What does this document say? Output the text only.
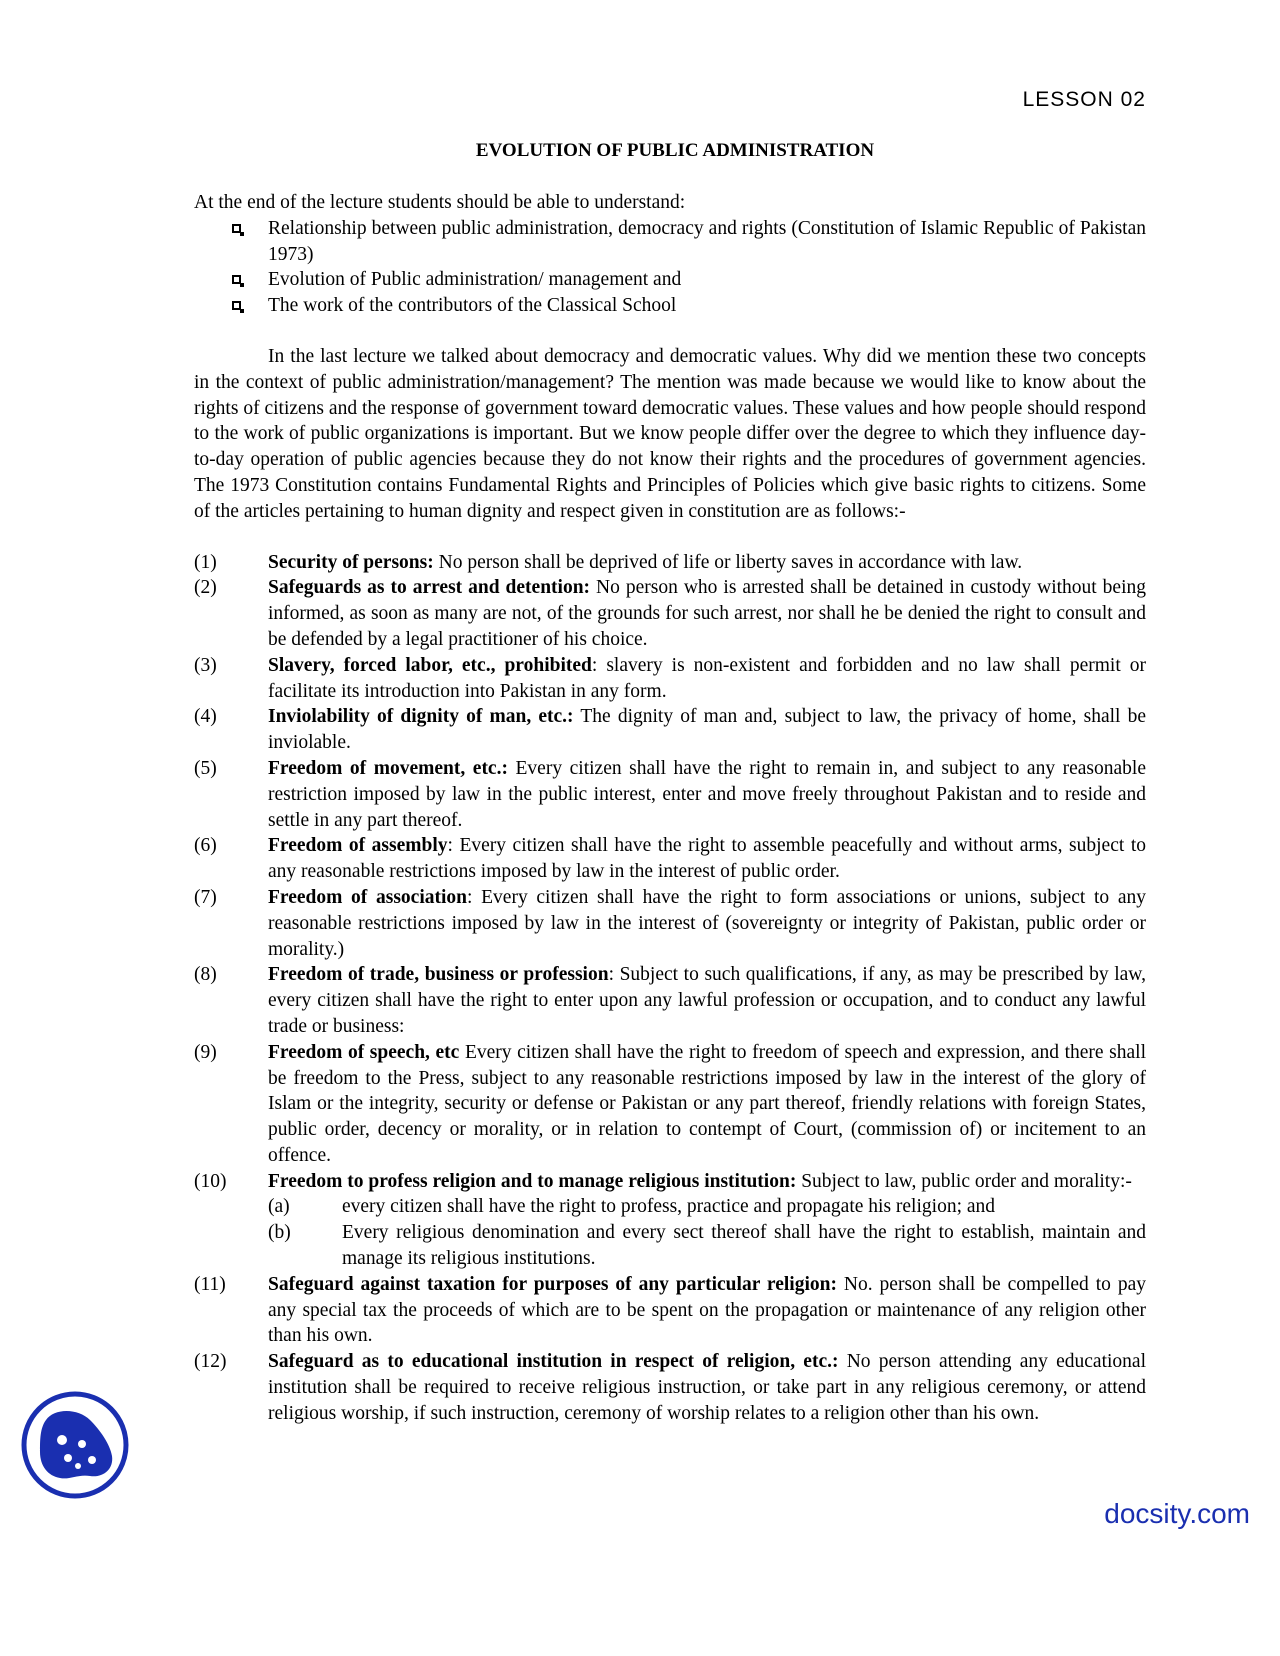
LESSON 02
EVOLUTION OF PUBLIC ADMINISTRATION

At the end of the lecture students should be able to understand:

Relationship between public administration, democracy and rights (Constitution of Islamic Republic of Pakistan 1973)
Evolution of Public administration/ management and
The work of the contributors of the Classical School

In the last lecture we talked about democracy and democratic values. Why did we mention these two concepts in the context of public administration/management? The mention was made because we would like to know about the rights of citizens and the response of government toward democratic values. These values and how people should respond to the work of public organizations is important. But we know people differ over the degree to which they influence day-to-day operation of public agencies because they do not know their rights and the procedures of government agencies. The 1973 Constitution contains Fundamental Rights and Principles of Policies which give basic rights to citizens. Some of the articles pertaining to human dignity and respect given in constitution are as follows:-

(1)	Security of persons: No person shall be deprived of life or liberty saves in accordance with law.
(2)	Safeguards as to arrest and detention: No person who is arrested shall be detained in custody without being informed, as soon as many are not, of the grounds for such arrest, nor shall he be denied the right to consult and be defended by a legal practitioner of his choice.
(3)	Slavery, forced labor, etc., prohibited: slavery is non-existent and forbidden and no law shall permit or facilitate its introduction into Pakistan in any form.
(4)	Inviolability of dignity of man, etc.: The dignity of man and, subject to law, the privacy of home, shall be inviolable.
(5)	Freedom of movement, etc.: Every citizen shall have the right to remain in, and subject to any reasonable restriction imposed by law in the public interest, enter and move freely throughout Pakistan and to reside and settle in any part thereof.
(6)	Freedom of assembly: Every citizen shall have the right to assemble peacefully and without arms, subject to any reasonable restrictions imposed by law in the interest of public order.
(7)	Freedom of association: Every citizen shall have the right to form associations or unions, subject to any reasonable restrictions imposed by law in the interest of (sovereignty or integrity of Pakistan, public order or morality.)
(8)	Freedom of trade, business or profession: Subject to such qualifications, if any, as may be prescribed by law, every citizen shall have the right to enter upon any lawful profession or occupation, and to conduct any lawful trade or business:
(9)	Freedom of speech, etc Every citizen shall have the right to freedom of speech and expression, and there shall be freedom to the Press, subject to any reasonable restrictions imposed by law in the interest of the glory of Islam or the integrity, security or defense or Pakistan or any part thereof, friendly relations with foreign States, public order, decency or morality, or in relation to contempt of Court, (commission of) or incitement to an offence.
(10) Freedom to profess religion and to manage religious institution: Subject to law, public order and morality:-
(a)	every citizen shall have the right to profess, practice and propagate his religion; and
(b)	Every religious denomination and every sect thereof shall have the right to establish, maintain and manage its religious institutions.
(11) Safeguard against taxation for purposes of any particular religion: No. person shall be compelled to pay any special tax the proceeds of which are to be spent on the propagation or maintenance of any religion other than his own.
(12) Safeguard as to educational institution in respect of religion, etc.: No person attending any educational institution shall be required to receive religious instruction, or take part in any religious ceremony, or attend religious worship, if such instruction, ceremony of worship relates to a religion other than his own.
docsity.com
